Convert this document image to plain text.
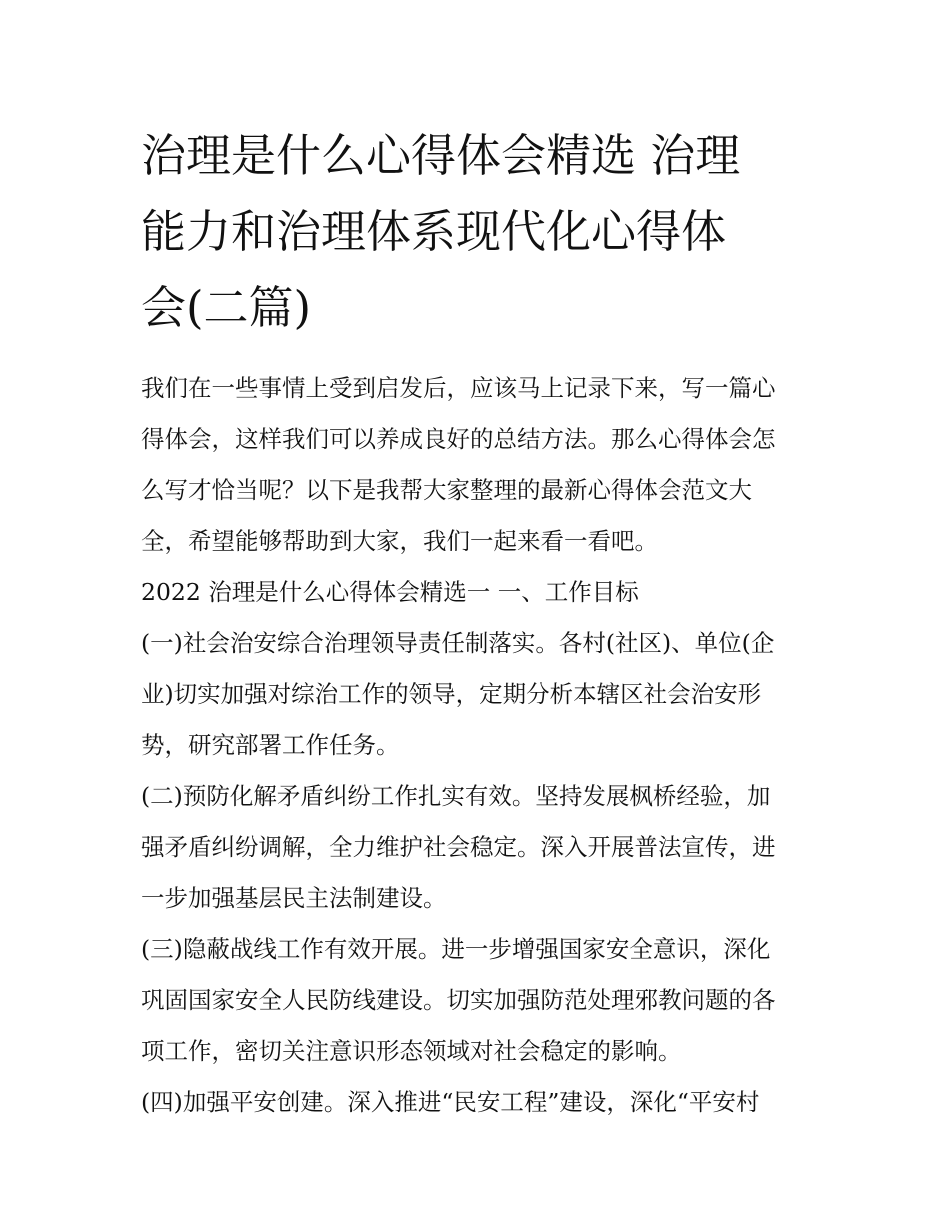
治理是什么心得体会精选 治理
能力和治理体系现代化心得体
会(二篇)

我们在一些事情上受到启发后，应该马上记录下来，写一篇心
得体会，这样我们可以养成良好的总结方法。那么心得体会怎
么写才恰当呢？以下是我帮大家整理的最新心得体会范文大
全，希望能够帮助到大家，我们一起来看一看吧。

2022 治理是什么心得体会精选一 一、工作目标

(一)社会治安综合治理领导责任制落实。各村(社区)、单位(企
业)切实加强对综治工作的领导，定期分析本辖区社会治安形
势，研究部署工作任务。

(二)预防化解矛盾纠纷工作扎实有效。坚持发展枫桥经验，加
强矛盾纠纷调解，全力维护社会稳定。深入开展普法宣传，进
一步加强基层民主法制建设。

(三)隐蔽战线工作有效开展。进一步增强国家安全意识，深化
巩固国家安全人民防线建设。切实加强防范处理邪教问题的各
项工作，密切关注意识形态领域对社会稳定的影响。

(四)加强平安创建。深入推进“民安工程”建设，深化“平安村
